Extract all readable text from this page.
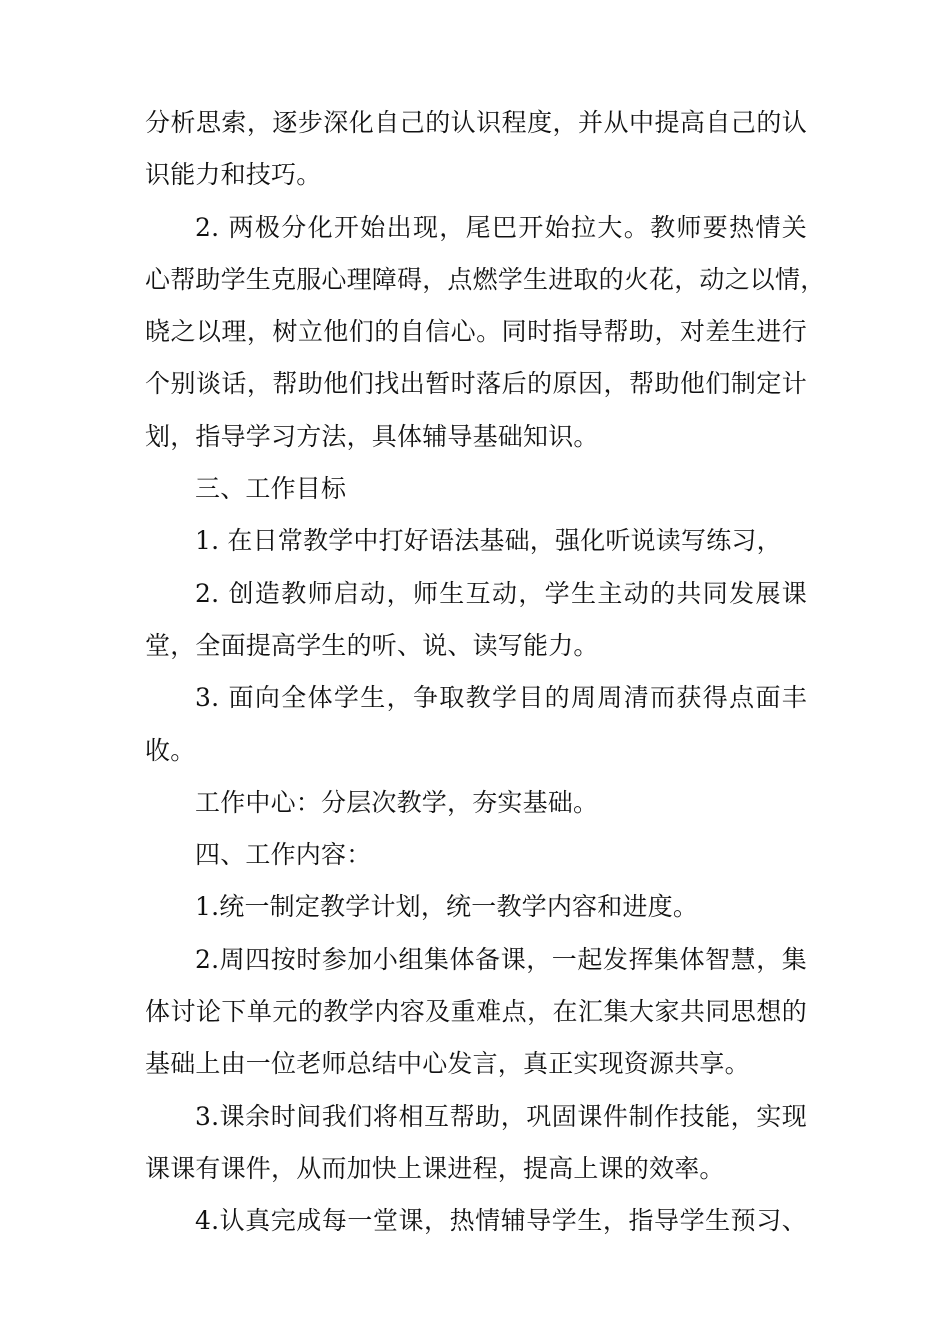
分析思索，逐步深化自己的认识程度，并从中提高自己的认
识能力和技巧。
2. 两极分化开始出现，尾巴开始拉大。教师要热情关
心帮助学生克服心理障碍，点燃学生进取的火花，动之以情，
晓之以理，树立他们的自信心。同时指导帮助，对差生进行
个别谈话，帮助他们找出暂时落后的原因，帮助他们制定计
划，指导学习方法，具体辅导基础知识。
三、工作目标
1. 在日常教学中打好语法基础，强化听说读写练习，
2. 创造教师启动，师生互动，学生主动的共同发展课
堂，全面提高学生的听、说、读写能力。
3. 面向全体学生，争取教学目的周周清而获得点面丰
收。
工作中心：分层次教学，夯实基础。
四、工作内容：
1.统一制定教学计划，统一教学内容和进度。
2.周四按时参加小组集体备课，一起发挥集体智慧，集
体讨论下单元的教学内容及重难点，在汇集大家共同思想的
基础上由一位老师总结中心发言，真正实现资源共享。
3.课余时间我们将相互帮助，巩固课件制作技能，实现
课课有课件，从而加快上课进程，提高上课的效率。
4.认真完成每一堂课，热情辅导学生，指导学生预习、
